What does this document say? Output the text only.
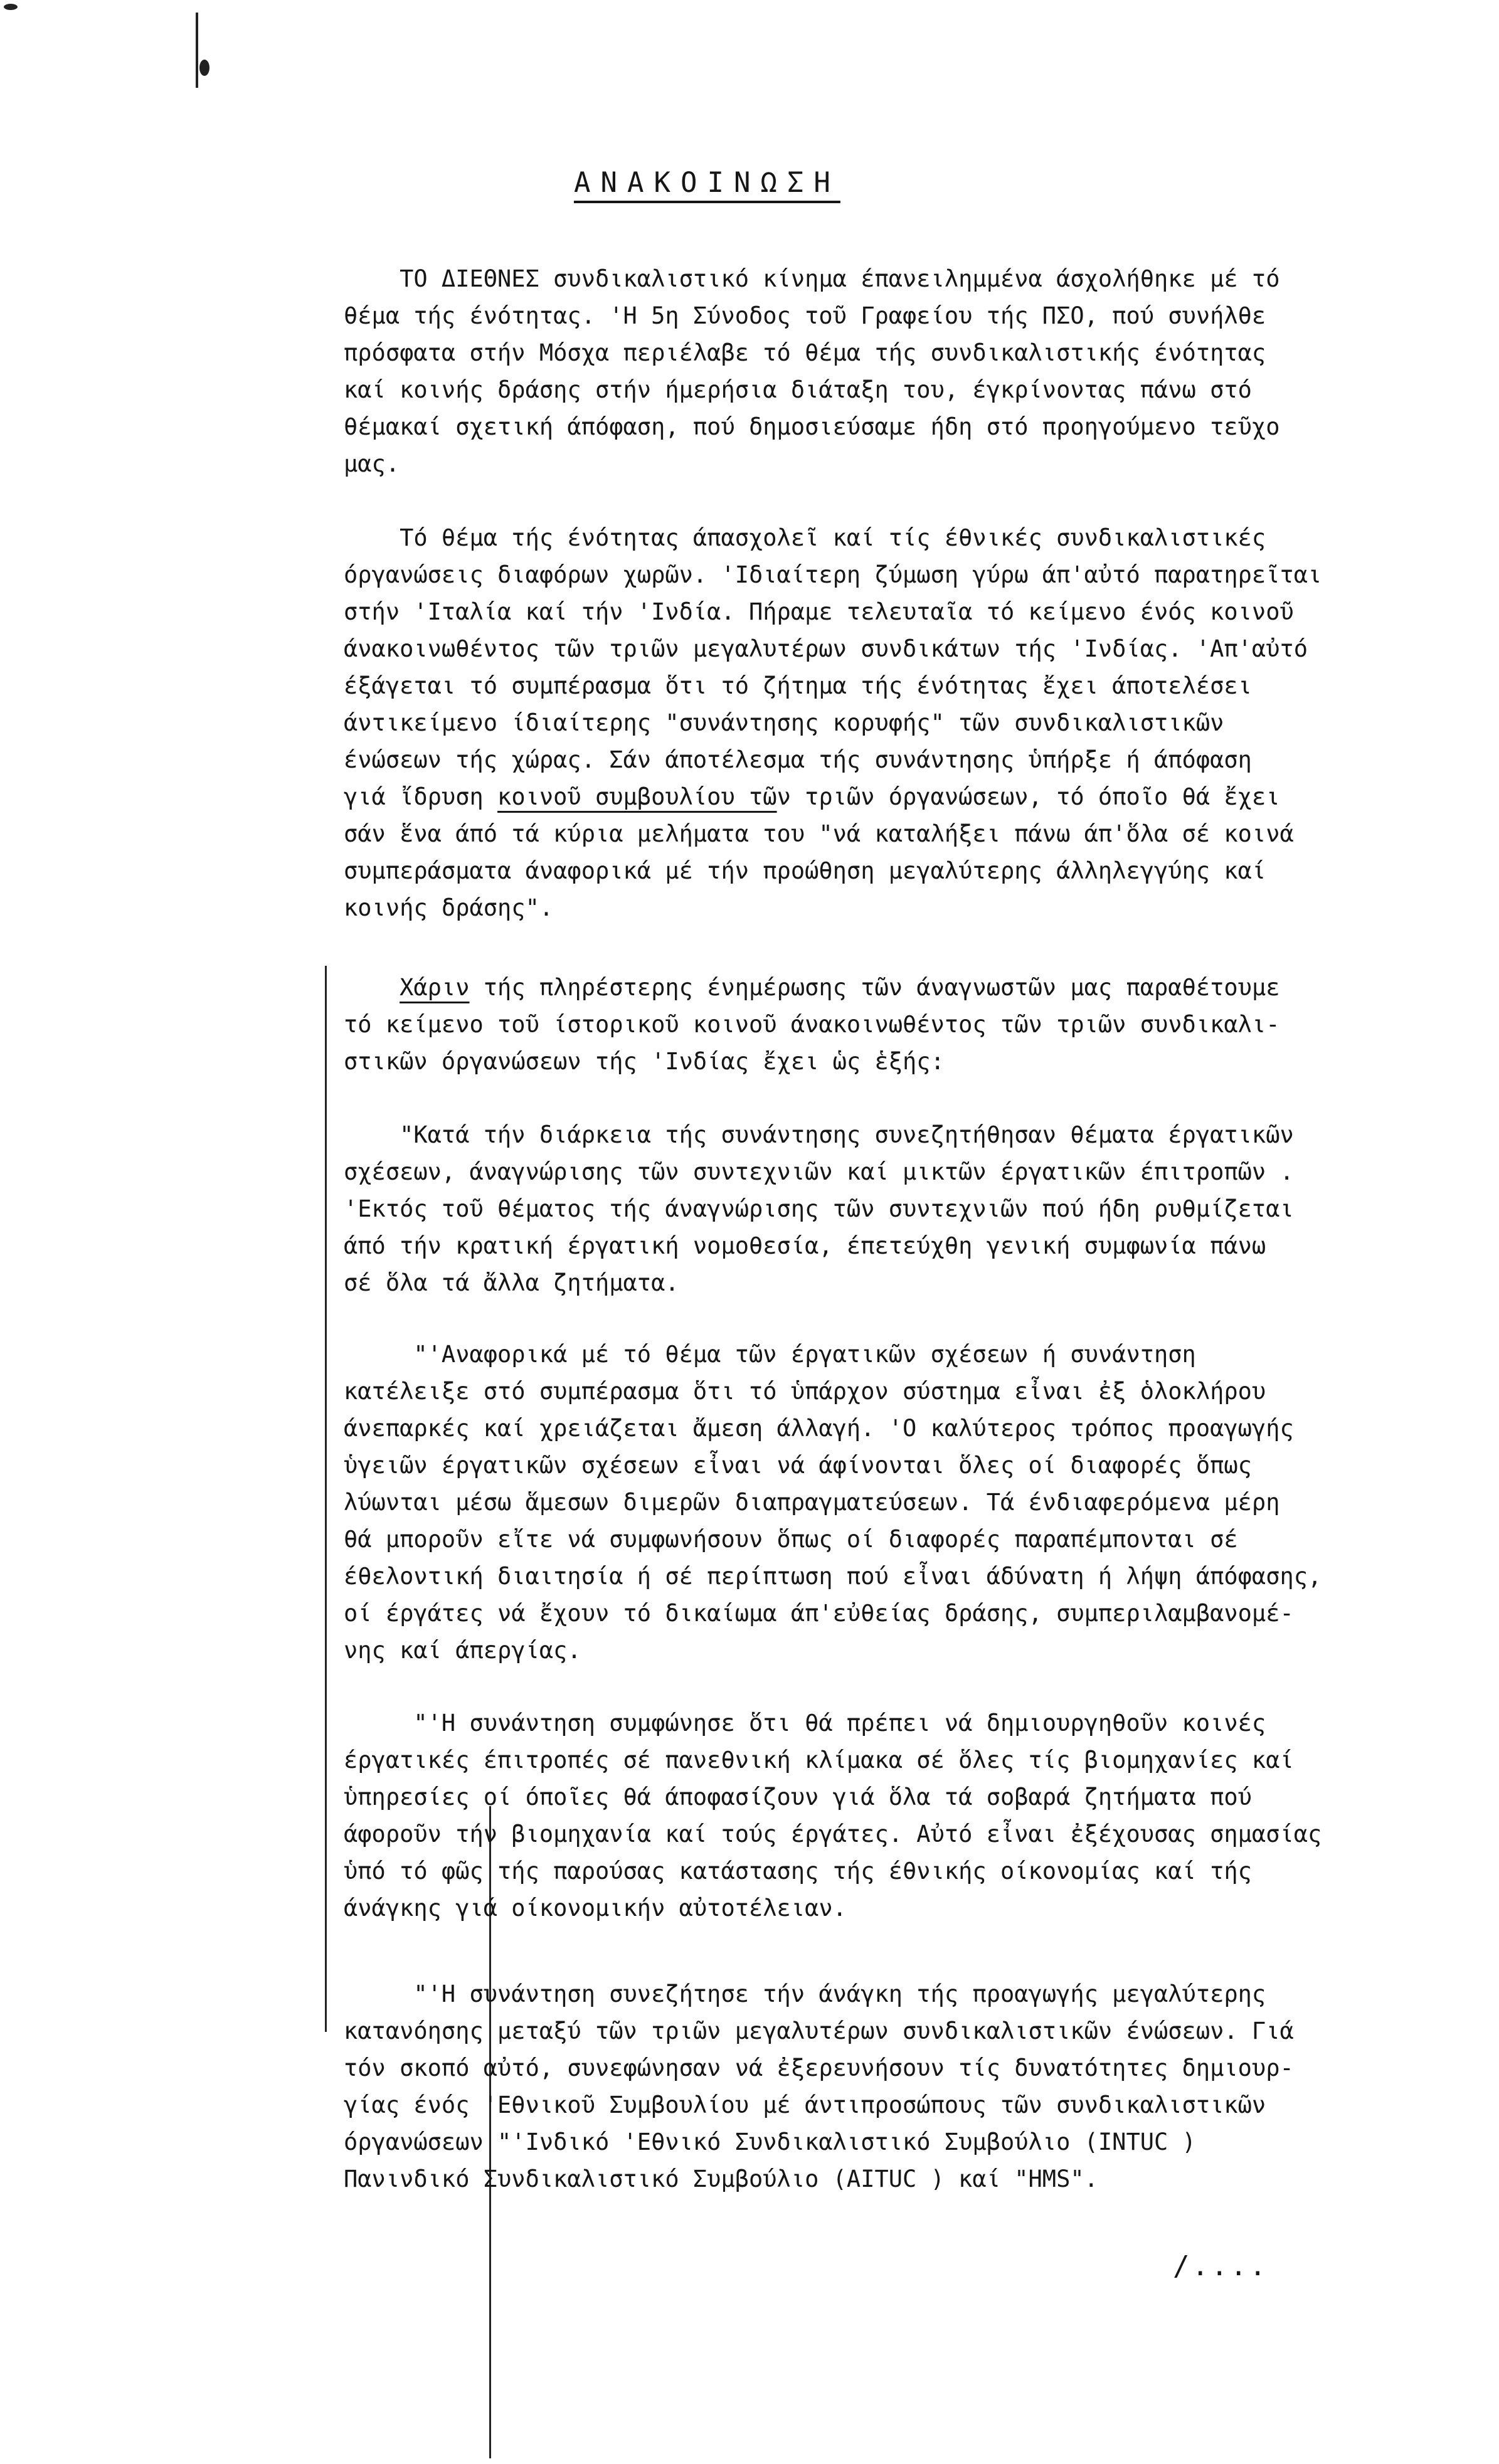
ΑΝΑΚΟΙΝΩΣΗ
ΤΟ ΔΙΕΘΝΕΣ συνδικαλιστικό κίνημα έπανειλημμένα άσχολήθηκε μέ τό
θέμα τής ένότητας. 'Η 5η Σύνοδος τοῦ Γραφείου τής ΠΣΟ, πού συνήλθε
πρόσφατα στήν Μόσχα περιέλαβε τό θέμα τής συνδικαλιστικής ένότητας
καί κοινής δράσης στήν ήμερήσια διάταξη του, έγκρίνοντας πάνω στό
θέμακαί σχετική άπόφαση, πού δημοσιεύσαμε ήδη στό προηγούμενο τεῦχο
μας.
Τό θέμα τής ένότητας άπασχολεῖ καί τίς έθνικές συνδικαλιστικές
όργανώσεις διαφόρων χωρῶν. 'Ιδιαίτερη ζύμωση γύρω άπ'αὐτό παρατηρεῖται
στήν 'Ιταλία καί τήν 'Ινδία. Πήραμε τελευταῖα τό κείμενο ένός κοινοῦ
άνακοινωθέντος τῶν τριῶν μεγαλυτέρων συνδικάτων τής 'Ινδίας. 'Απ'αὐτό
έξάγεται τό συμπέρασμα ὅτι τό ζήτημα τής ένότητας ἔχει άποτελέσει
άντικείμενο ίδιαίτερης "συνάντησης κορυφής" τῶν συνδικαλιστικῶν
ένώσεων τής χώρας. Σάν άποτέλεσμα τής συνάντησης ὑπήρξε ή άπόφαση
γιά ἴδρυση κοινοῦ συμβουλίου τῶν τριῶν όργανώσεων, τό όποῖο θά ἔχει
σάν ἕνα άπό τά κύρια μελήματα του "νά καταλήξει πάνω άπ'ὅλα σέ κοινά
συμπεράσματα άναφορικά μέ τήν προώθηση μεγαλύτερης άλληλεγγύης καί
κοινής δράσης".
Χάριν τής πληρέστερης ένημέρωσης τῶν άναγνωστῶν μας παραθέτουμε
τό κείμενο τοῦ ίστορικοῦ κοινοῦ άνακοινωθέντος τῶν τριῶν συνδικαλι-
στικῶν όργανώσεων τής 'Ινδίας ἔχει ὡς ἑξής:
"Κατά τήν διάρκεια τής συνάντησης συνεζητήθησαν θέματα έργατικῶν
σχέσεων, άναγνώρισης τῶν συντεχνιῶν καί μικτῶν έργατικῶν έπιτροπῶν .
'Εκτός τοῦ θέματος τής άναγνώρισης τῶν συντεχνιῶν πού ήδη ρυθμίζεται
άπό τήν κρατική έργατική νομοθεσία, έπετεύχθη γενική συμφωνία πάνω
σέ ὅλα τά ἄλλα ζητήματα.
"'Αναφορικά μέ τό θέμα τῶν έργατικῶν σχέσεων ή συνάντηση
κατέλειξε στό συμπέρασμα ὅτι τό ὑπάρχον σύστημα εἶναι ἐξ ὁλοκλήρου
άνεπαρκές καί χρειάζεται ἄμεση άλλαγή. 'Ο καλύτερος τρόπος προαγωγής
ὑγειῶν έργατικῶν σχέσεων εἶναι νά άφίνονται ὅλες οί διαφορές ὅπως
λύωνται μέσω ἅμεσων διμερῶν διαπραγματεύσεων. Τά ένδιαφερόμενα μέρη
θά μποροῦν εἴτε νά συμφωνήσουν ὅπως οί διαφορές παραπέμπονται σέ
έθελοντική διαιτησία ή σέ περίπτωση πού εἶναι άδύνατη ή λήψη άπόφασης,
οί έργάτες νά ἔχουν τό δικαίωμα άπ'εὐθείας δράσης, συμπεριλαμβανομέ-
νης καί άπεργίας.
"'Η συνάντηση συμφώνησε ὅτι θά πρέπει νά δημιουργηθοῦν κοινές
έργατικές έπιτροπές σέ πανεθνική κλίμακα σέ ὅλες τίς βιομηχανίες καί
ὑπηρεσίες οί όποῖες θά άποφασίζουν γιά ὅλα τά σοβαρά ζητήματα πού
άφοροῦν τήν βιομηχανία καί τούς έργάτες. Αὐτό εἶναι ἐξέχουσας σημασίας
ὑπό τό φῶς τής παρούσας κατάστασης τής έθνικής οίκονομίας καί τής
άνάγκης γιά οίκονομικήν αὐτοτέλειαν.
"'Η συνάντηση συνεζήτησε τήν άνάγκη τής προαγωγής μεγαλύτερης
κατανόησης μεταξύ τῶν τριῶν μεγαλυτέρων συνδικαλιστικῶν ένώσεων. Γιά
τόν σκοπό αὐτό, συνεφώνησαν νά ἐξερευνήσουν τίς δυνατότητες δημιουρ-
γίας ένός 'Εθνικοῦ Συμβουλίου μέ άντιπροσώπους τῶν συνδικαλιστικῶν
όργανώσεων "'Ινδικό 'Εθνικό Συνδικαλιστικό Συμβούλιο (INTUC )
Πανινδικό Συνδικαλιστικό Συμβούλιο (AITUC ) καί "HMS".
/....
